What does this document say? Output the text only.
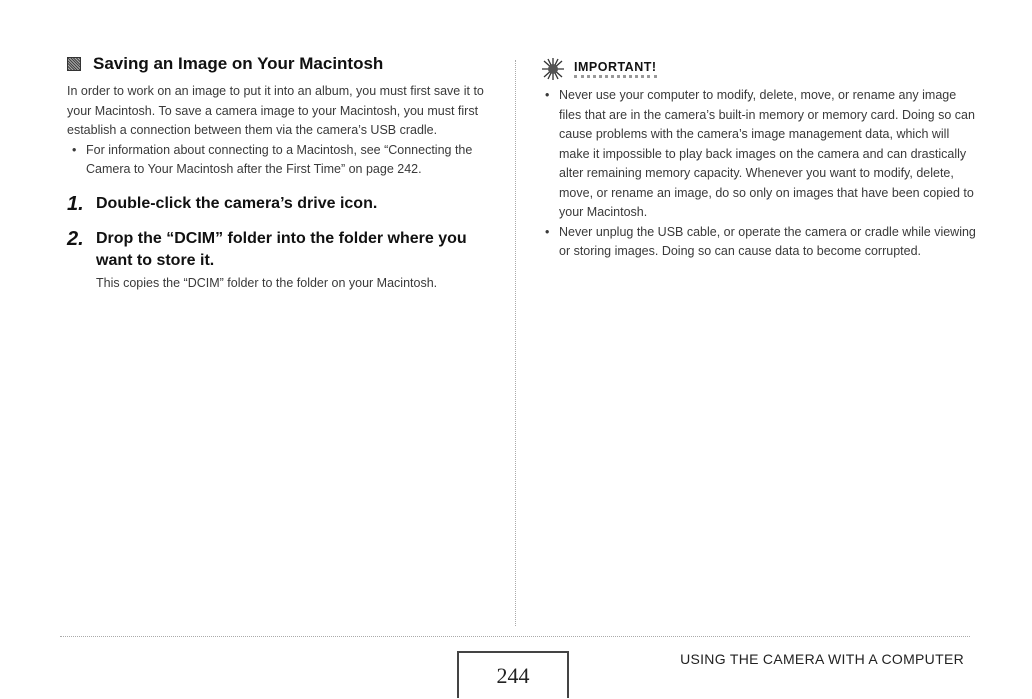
Saving an Image on Your Macintosh

In order to work on an image to put it into an album, you must first save it to your Macintosh. To save a camera image to your Macintosh, you must first establish a connection between them via the camera’s USB cradle.

• For information about connecting to a Macintosh, see “Connecting the Camera to Your Macintosh after the First Time” on page 242.

1. Double-click the camera’s drive icon.
2. Drop the “DCIM” folder into the folder where you want to store it.
This copies the “DCIM” folder to the folder on your Macintosh.
IMPORTANT!

• Never use your computer to modify, delete, move, or rename any image files that are in the camera’s built-in memory or memory card. Doing so can cause problems with the camera’s image management data, which will make it impossible to play back images on the camera and can drastically alter remaining memory capacity. Whenever you want to modify, delete, move, or rename an image, do so only on images that have been copied to your Macintosh.

• Never unplug the USB cable, or operate the camera or cradle while viewing or storing images. Doing so can cause data to become corrupted.

244
USING THE CAMERA WITH A COMPUTER
